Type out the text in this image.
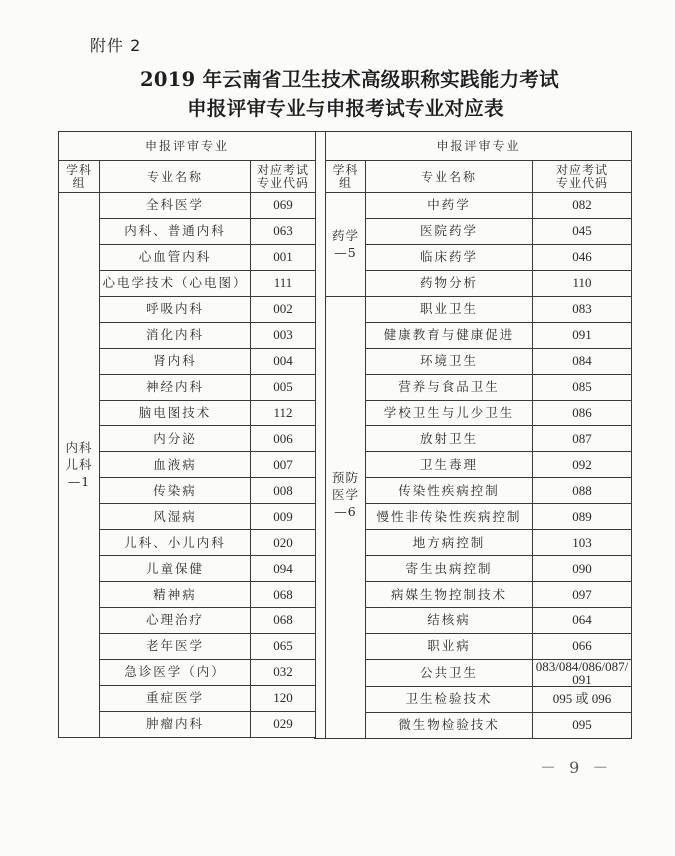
附件 2
2019 年云南省卫生技术高级职称实践能力考试
申报评审专业与申报考试专业对应表
申报评审专业		
学科
组	专业名称	对应考试
专业代码
内科
儿科
—1	全科医学	069
	内科、普通内科	063
	心血管内科	001
	心电学技术（心电图）	111
	呼吸内科	002
	消化内科	003
	肾内科	004
	神经内科	005
	脑电图技术	112
	内分泌	006
	血液病	007
	传染病	008
	风湿病	009
	儿科、小儿内科	020
	儿童保健	094
	精神病	068
	心理治疗	068
	老年医学	065
	急诊医学（内）	032
	重症医学	120
	肿瘤内科	029
申报评审专业		
学科
组	专业名称	对应考试
专业代码
药学
—5	中药学	082
	医院药学	045
	临床药学	046
	药物分析	110
预防
医学
—6	职业卫生	083
	健康教育与健康促进	091
	环境卫生	084
	营养与食品卫生	085
	学校卫生与儿少卫生	086
	放射卫生	087
	卫生毒理	092
	传染性疾病控制	088
	慢性非传染性疾病控制	089
	地方病控制	103
	寄生虫病控制	090
	病媒生物控制技术	097
	结核病	064
	职业病	066
	公共卫生	083/084/086/087/
091
	卫生检验技术	095 或 096
	微生物检验技术	095
－ 9 －
